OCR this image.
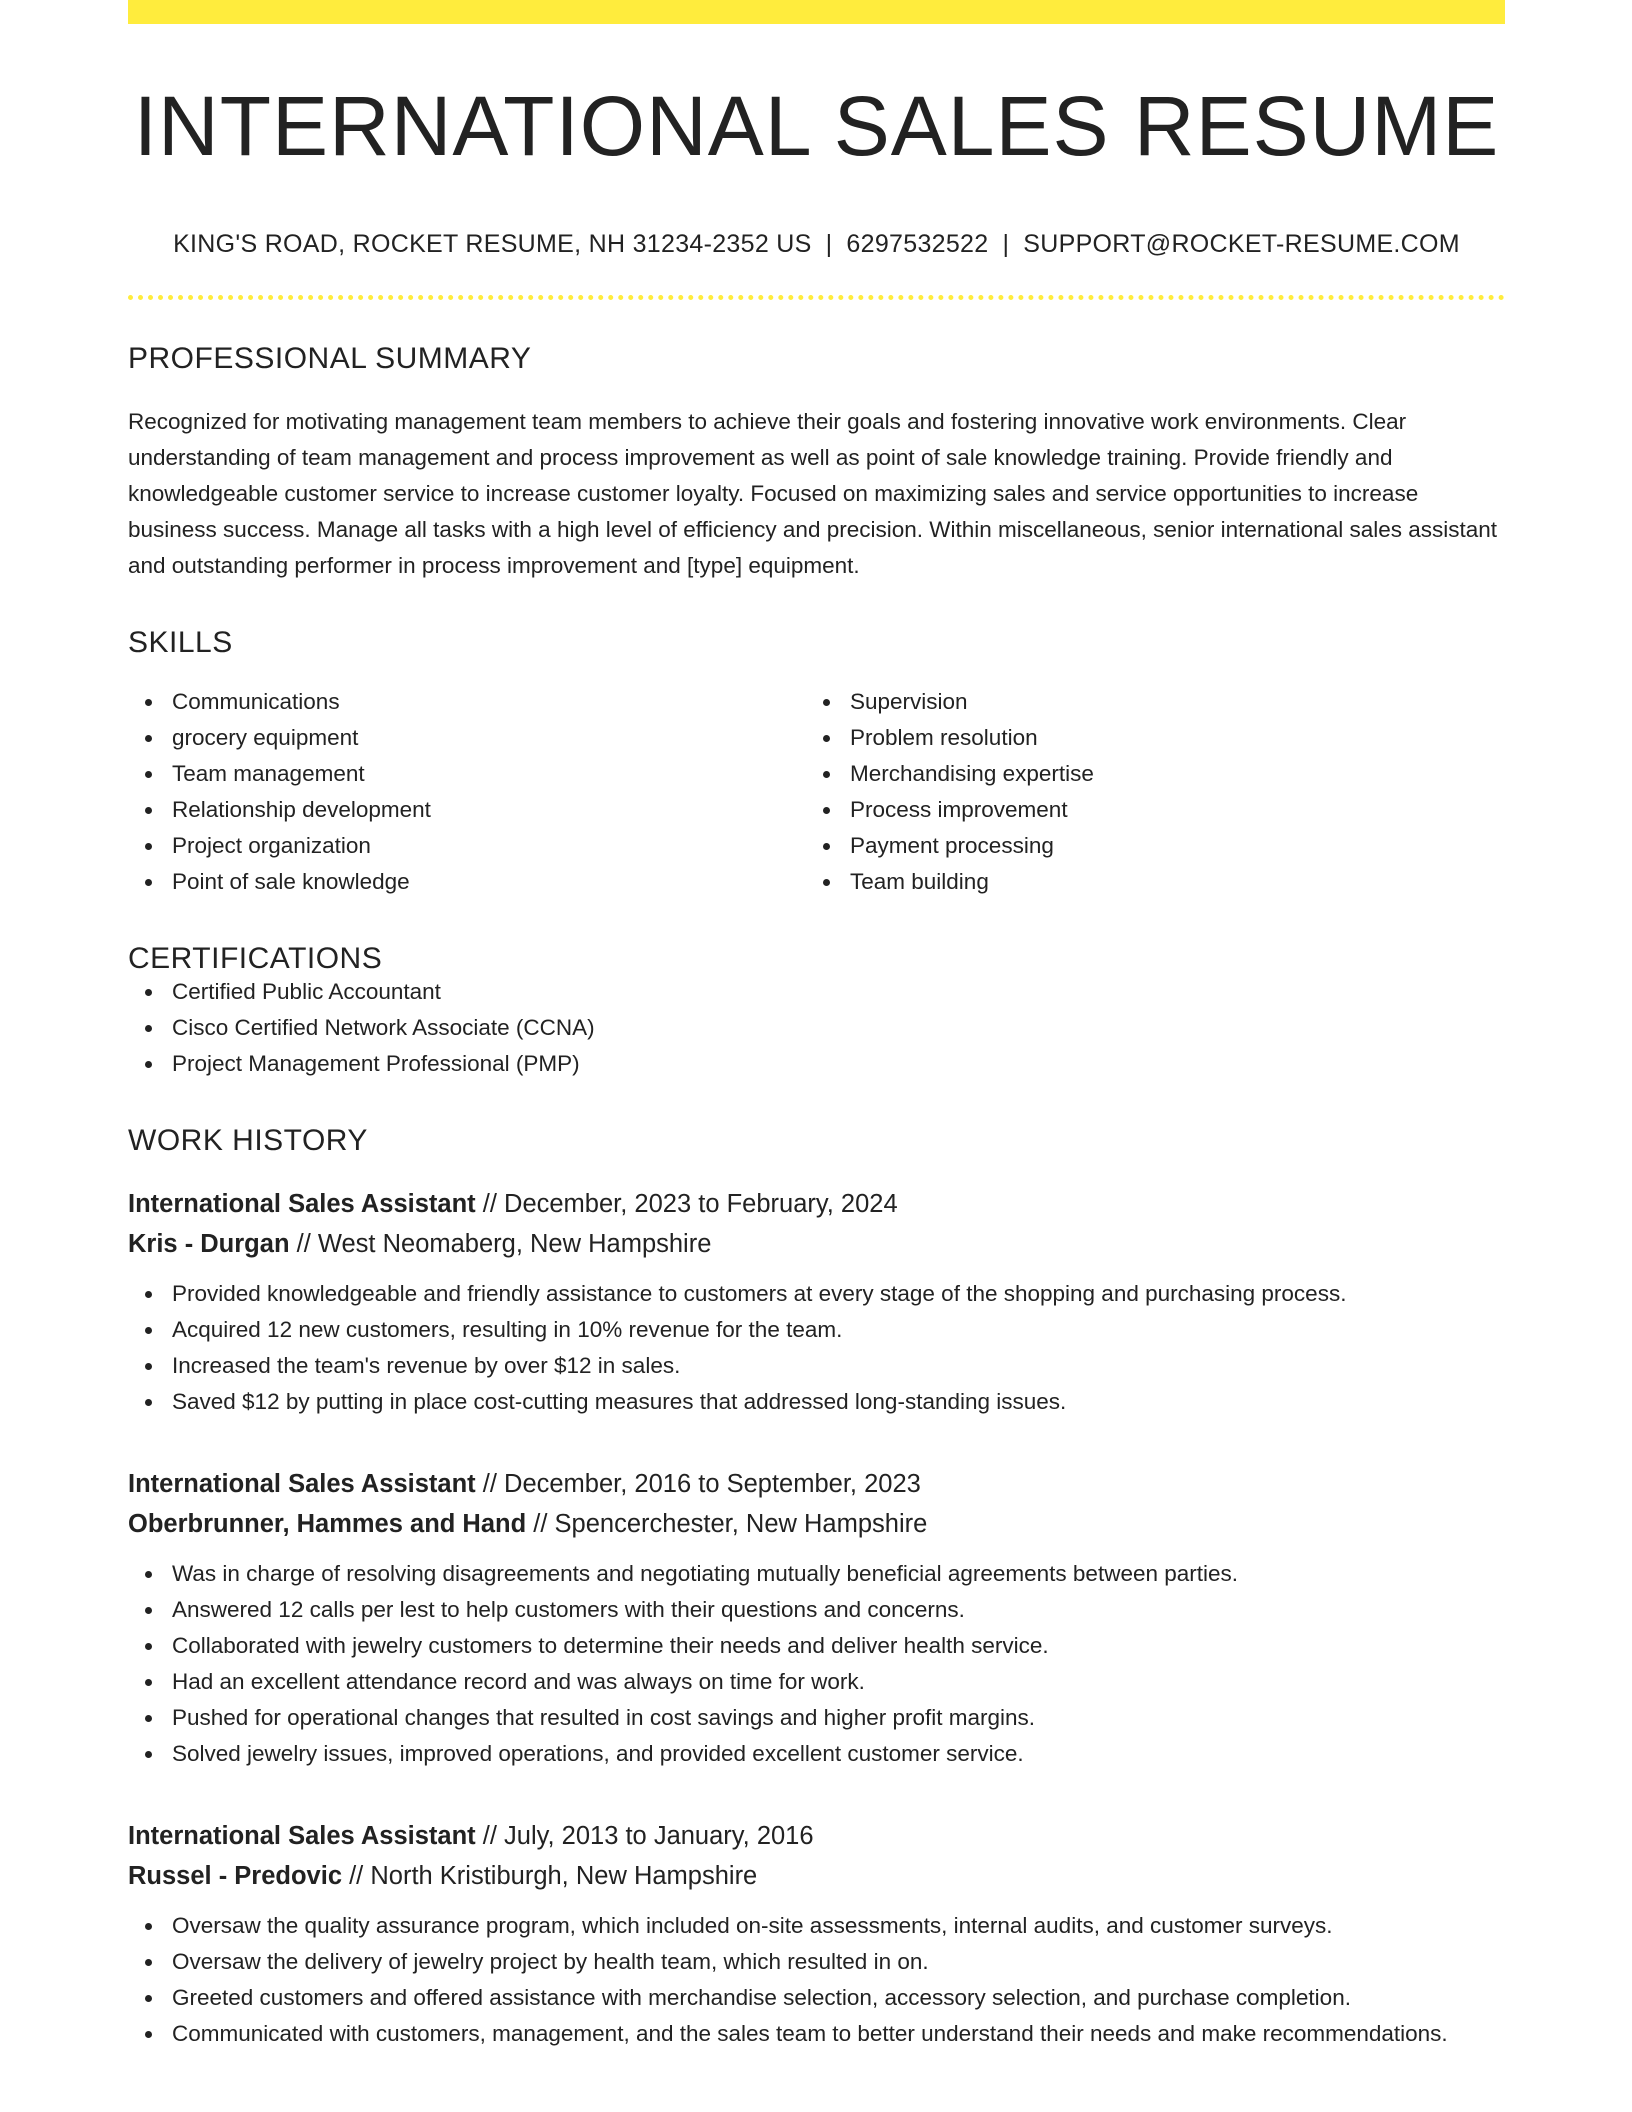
INTERNATIONAL SALES RESUME
KING'S ROAD, ROCKET RESUME, NH 31234-2352 US | 6297532522 | SUPPORT@ROCKET-RESUME.COM
PROFESSIONAL SUMMARY

Recognized for motivating management team members to achieve their goals and fostering innovative work environments. Clear understanding of team management and process improvement as well as point of sale knowledge training. Provide friendly and knowledgeable customer service to increase customer loyalty. Focused on maximizing sales and service opportunities to increase business success. Manage all tasks with a high level of efficiency and precision. Within miscellaneous, senior international sales assistant and outstanding performer in process improvement and [type] equipment.

SKILLS
Communications
grocery equipment
Team management
Relationship development
Project organization
Point of sale knowledge
Supervision
Problem resolution
Merchandising expertise
Process improvement
Payment processing
Team building
CERTIFICATIONS
Certified Public Accountant
Cisco Certified Network Associate (CCNA)
Project Management Professional (PMP)
WORK HISTORY
International Sales Assistant // December, 2023 to February, 2024
Kris - Durgan // West Neomaberg, New Hampshire
Provided knowledgeable and friendly assistance to customers at every stage of the shopping and purchasing process.
Acquired 12 new customers, resulting in 10% revenue for the team.
Increased the team's revenue by over $12 in sales.
Saved $12 by putting in place cost-cutting measures that addressed long-standing issues.
International Sales Assistant // December, 2016 to September, 2023
Oberbrunner, Hammes and Hand // Spencerchester, New Hampshire
Was in charge of resolving disagreements and negotiating mutually beneficial agreements between parties.
Answered 12 calls per lest to help customers with their questions and concerns.
Collaborated with jewelry customers to determine their needs and deliver health service.
Had an excellent attendance record and was always on time for work.
Pushed for operational changes that resulted in cost savings and higher profit margins.
Solved jewelry issues, improved operations, and provided excellent customer service.
International Sales Assistant // July, 2013 to January, 2016
Russel - Predovic // North Kristiburgh, New Hampshire
Oversaw the quality assurance program, which included on-site assessments, internal audits, and customer surveys.
Oversaw the delivery of jewelry project by health team, which resulted in on.
Greeted customers and offered assistance with merchandise selection, accessory selection, and purchase completion.
Communicated with customers, management, and the sales team to better understand their needs and make recommendations.
